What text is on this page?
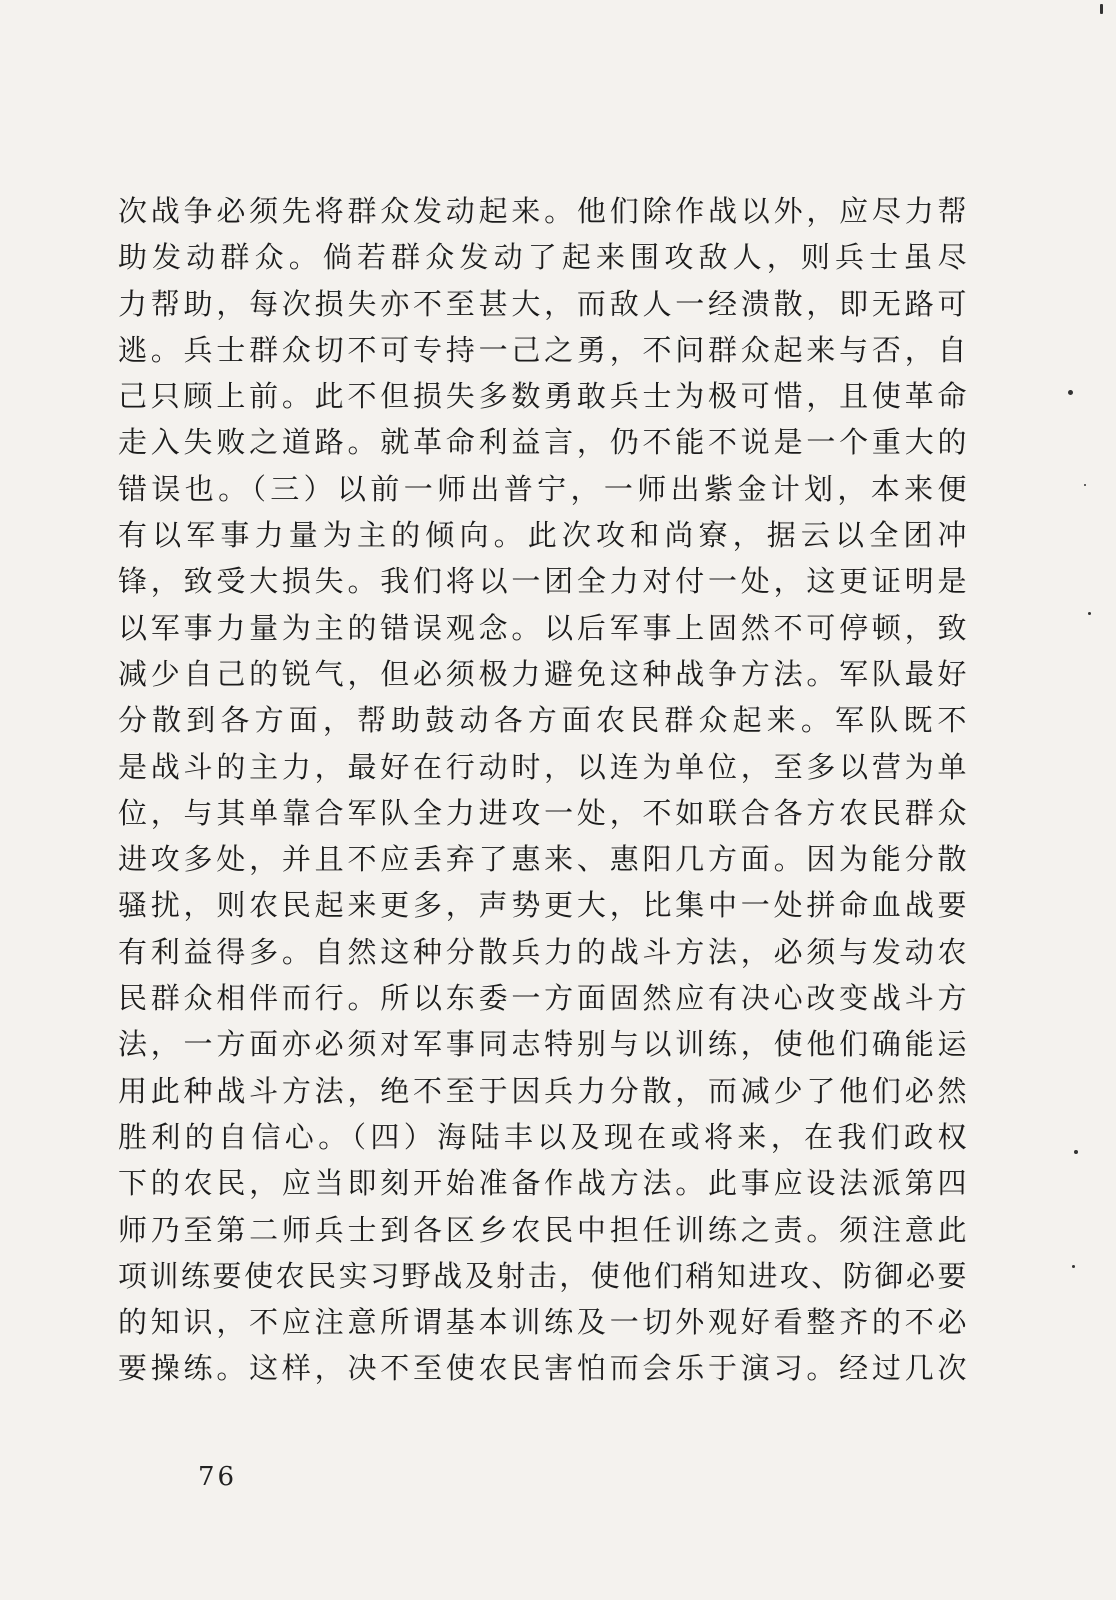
次战争必须先将群众发动起来。他们除作战以外，应尽力帮
助发动群众。倘若群众发动了起来围攻敌人，则兵士虽尽
力帮助，每次损失亦不至甚大，而敌人一经溃散，即无路可
逃。兵士群众切不可专持一己之勇，不问群众起来与否，自
己只顾上前。此不但损失多数勇敢兵士为极可惜，且使革命
走入失败之道路。就革命利益言，仍不能不说是一个重大的
错误也。（三）以前一师出普宁，一师出紫金计划，本来便
有以军事力量为主的倾向。此次攻和尚寮，据云以全团冲
锋，致受大损失。我们将以一团全力对付一处，这更证明是
以军事力量为主的错误观念。以后军事上固然不可停顿，致
减少自己的锐气，但必须极力避免这种战争方法。军队最好
分散到各方面，帮助鼓动各方面农民群众起来。军队既不
是战斗的主力，最好在行动时，以连为单位，至多以营为单
位，与其单靠合军队全力进攻一处，不如联合各方农民群众
进攻多处，并且不应丢弃了惠来、惠阳几方面。因为能分散
骚扰，则农民起来更多，声势更大，比集中一处拼命血战要
有利益得多。自然这种分散兵力的战斗方法，必须与发动农
民群众相伴而行。所以东委一方面固然应有决心改变战斗方
法，一方面亦必须对军事同志特别与以训练，使他们确能运
用此种战斗方法，绝不至于因兵力分散，而减少了他们必然
胜利的自信心。（四）海陆丰以及现在或将来，在我们政权
下的农民，应当即刻开始准备作战方法。此事应设法派第四
师乃至第二师兵士到各区乡农民中担任训练之责。须注意此
项训练要使农民实习野战及射击，使他们稍知进攻、防御必要
的知识，不应注意所谓基本训练及一切外观好看整齐的不必
要操练。这样，决不至使农民害怕而会乐于演习。经过几次
76
